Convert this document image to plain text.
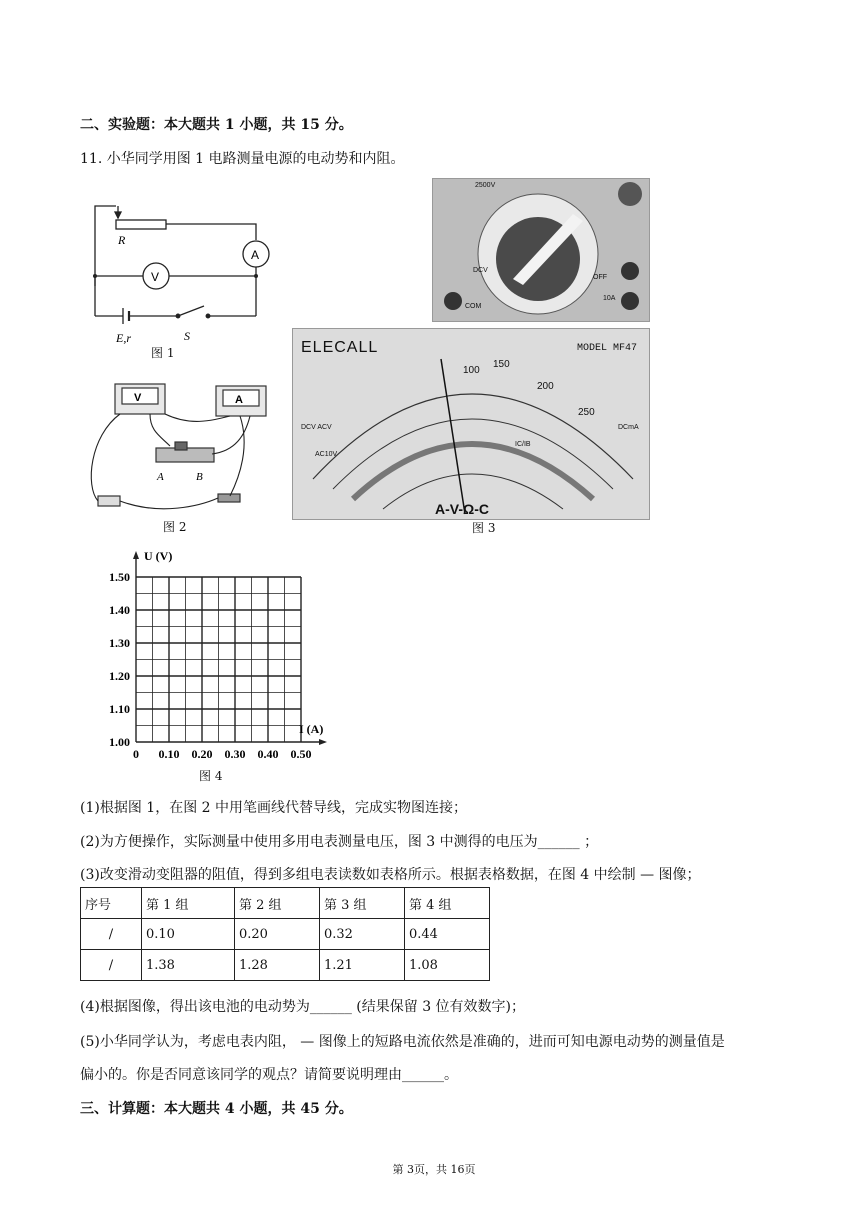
二、实验题：本大题共 1 小题，共 15 分。
11. 小华同学用图 1 电路测量电源的电动势和内阻。
R
A
V
E,r	S
图 1
V	A
A	B
图 2
2500V
DCV
COM
OFF
10A
ELECALL	MODEL MF47
A-V-Ω-C
100
150
200
250
DCV ACV
AC10V
DCmA
IC/IB
图 3
1.00
1.10
1.20
1.30
1.40
1.50
0 0.10 0.20 0.30 0.40 0.50
U (V)
I (A)
图 4
(1)根据图 1，在图 2 中用笔画线代替导线，完成实物图连接；
(2)为方便操作，实际测量中使用多用电表测量电压，图 3 中测得的电压为______ ；
(3)改变滑动变阻器的阻值，得到多组电表读数如表格所示。根据表格数据，在图 4 中绘制 — 图像；
序号	第 1 组	第 2 组	第 3 组	第 4 组
/	0.10	0.20	0.32	0.44
/	1.38	1.28	1.21	1.08
(4)根据图像，得出该电池的电动势为______ (结果保留 3 位有效数字)；
(5)小华同学认为，考虑电表内阻， — 图像上的短路电流依然是准确的，进而可知电源电动势的测量值是
偏小的。你是否同意该同学的观点？请简要说明理由______。
三、计算题：本大题共 4 小题，共 45 分。
第 3页，共 16页
